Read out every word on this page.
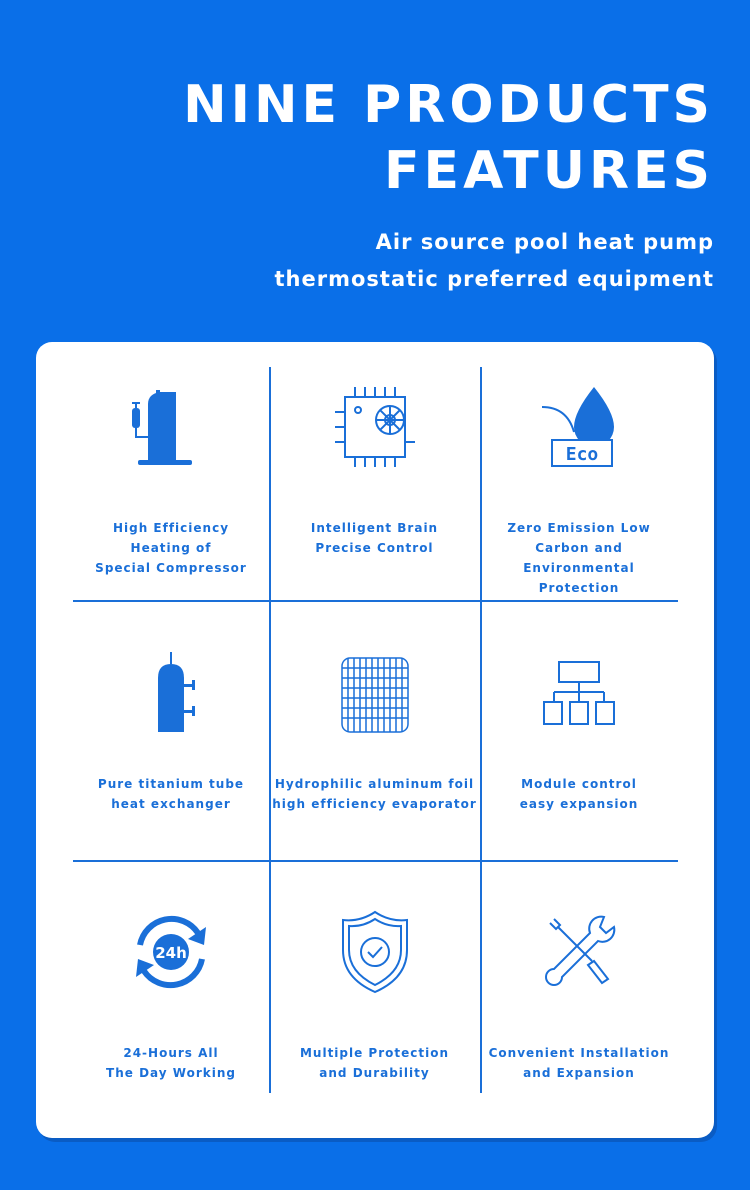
NINE PRODUCTS
FEATURES
Air source pool heat pump
thermostatic preferred equipment
High Efficiency
Heating of
Special Compressor
Intelligent Brain
Precise Control
Eco
Zero Emission Low
Carbon and Environmental
Protection
Pure titanium tube
heat exchanger
Hydrophilic aluminum foil
high efficiency evaporator
Module control
easy expansion
24h
24-Hours All
The Day Working
Multiple Protection
and Durability
Convenient Installation
and Expansion
